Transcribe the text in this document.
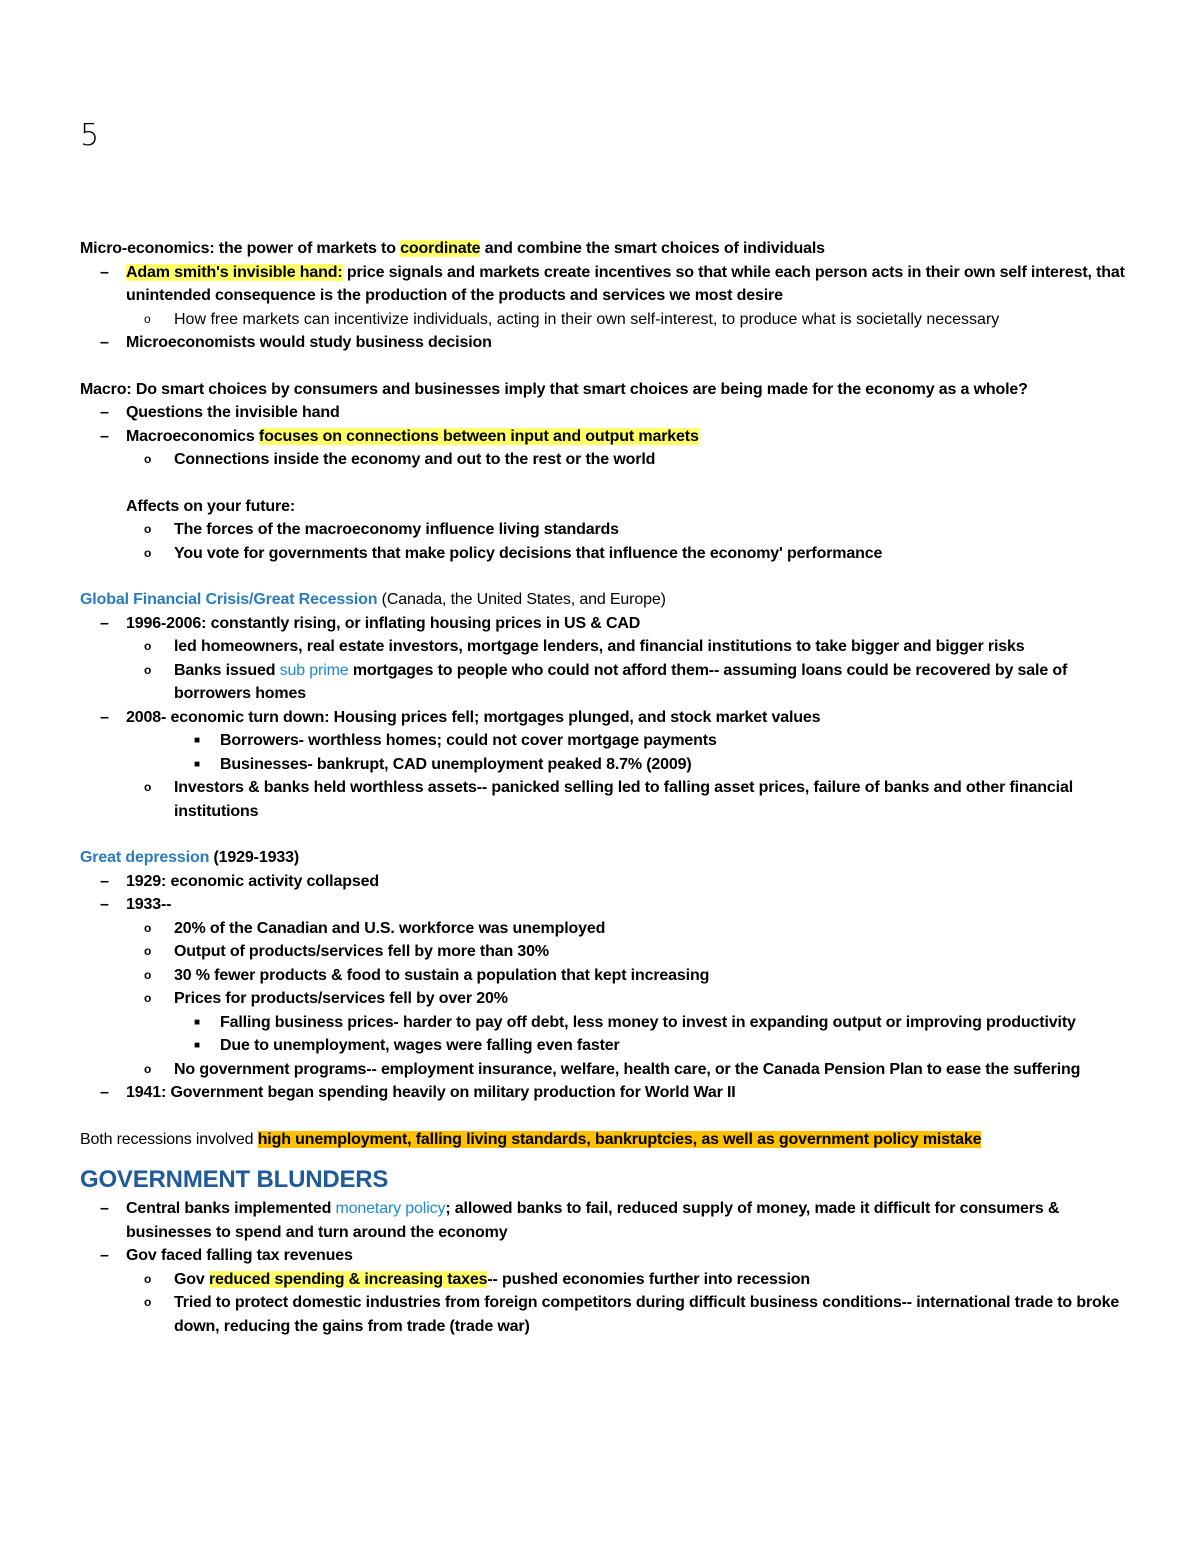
5
Micro-economics: the power of markets to coordinate and combine the smart choices of individuals
– Adam smith's invisible hand: price signals and markets create incentives so that while each person acts in their own self interest, that unintended consequence is the production of the products and services we most desire
o How free markets can incentivize individuals, acting in their own self-interest, to produce what is societally necessary
– Microeconomists would study business decision
Macro: Do smart choices by consumers and businesses imply that smart choices are being made for the economy as a whole?
– Questions the invisible hand
– Macroeconomics focuses on connections between input and output markets
o Connections inside the economy and out to the rest or the world
Affects on your future:
o The forces of the macroeconomy influence living standards
o You vote for governments that make policy decisions that influence the economy' performance
Global Financial Crisis/Great Recession (Canada, the United States, and Europe)
– 1996-2006: constantly rising, or inflating housing prices in US & CAD
o led homeowners, real estate investors, mortgage lenders, and financial institutions to take bigger and bigger risks
o Banks issued sub prime mortgages to people who could not afford them-- assuming loans could be recovered by sale of borrowers homes
– 2008- economic turn down: Housing prices fell; mortgages plunged, and stock market values
■ Borrowers- worthless homes; could not cover mortgage payments
■ Businesses- bankrupt, CAD unemployment peaked 8.7% (2009)
o Investors & banks held worthless assets-- panicked selling led to falling asset prices, failure of banks and other financial institutions
Great depression (1929-1933)
– 1929: economic activity collapsed
– 1933--
o 20% of the Canadian and U.S. workforce was unemployed
o Output of products/services fell by more than 30%
o 30 % fewer products & food to sustain a population that kept increasing
o Prices for products/services fell by over 20%
■ Falling business prices- harder to pay off debt, less money to invest in expanding output or improving productivity
■ Due to unemployment, wages were falling even faster
o No government programs-- employment insurance, welfare, health care, or the Canada Pension Plan to ease the suffering
– 1941: Government began spending heavily on military production for World War II
Both recessions involved high unemployment, falling living standards, bankruptcies, as well as government policy mistake
GOVERNMENT BLUNDERS
– Central banks implemented monetary policy; allowed banks to fail, reduced supply of money, made it difficult for consumers & businesses to spend and turn around the economy
– Gov faced falling tax revenues
o Gov reduced spending & increasing taxes-- pushed economies further into recession
o Tried to protect domestic industries from foreign competitors during difficult business conditions-- international trade to broke down, reducing the gains from trade (trade war)
